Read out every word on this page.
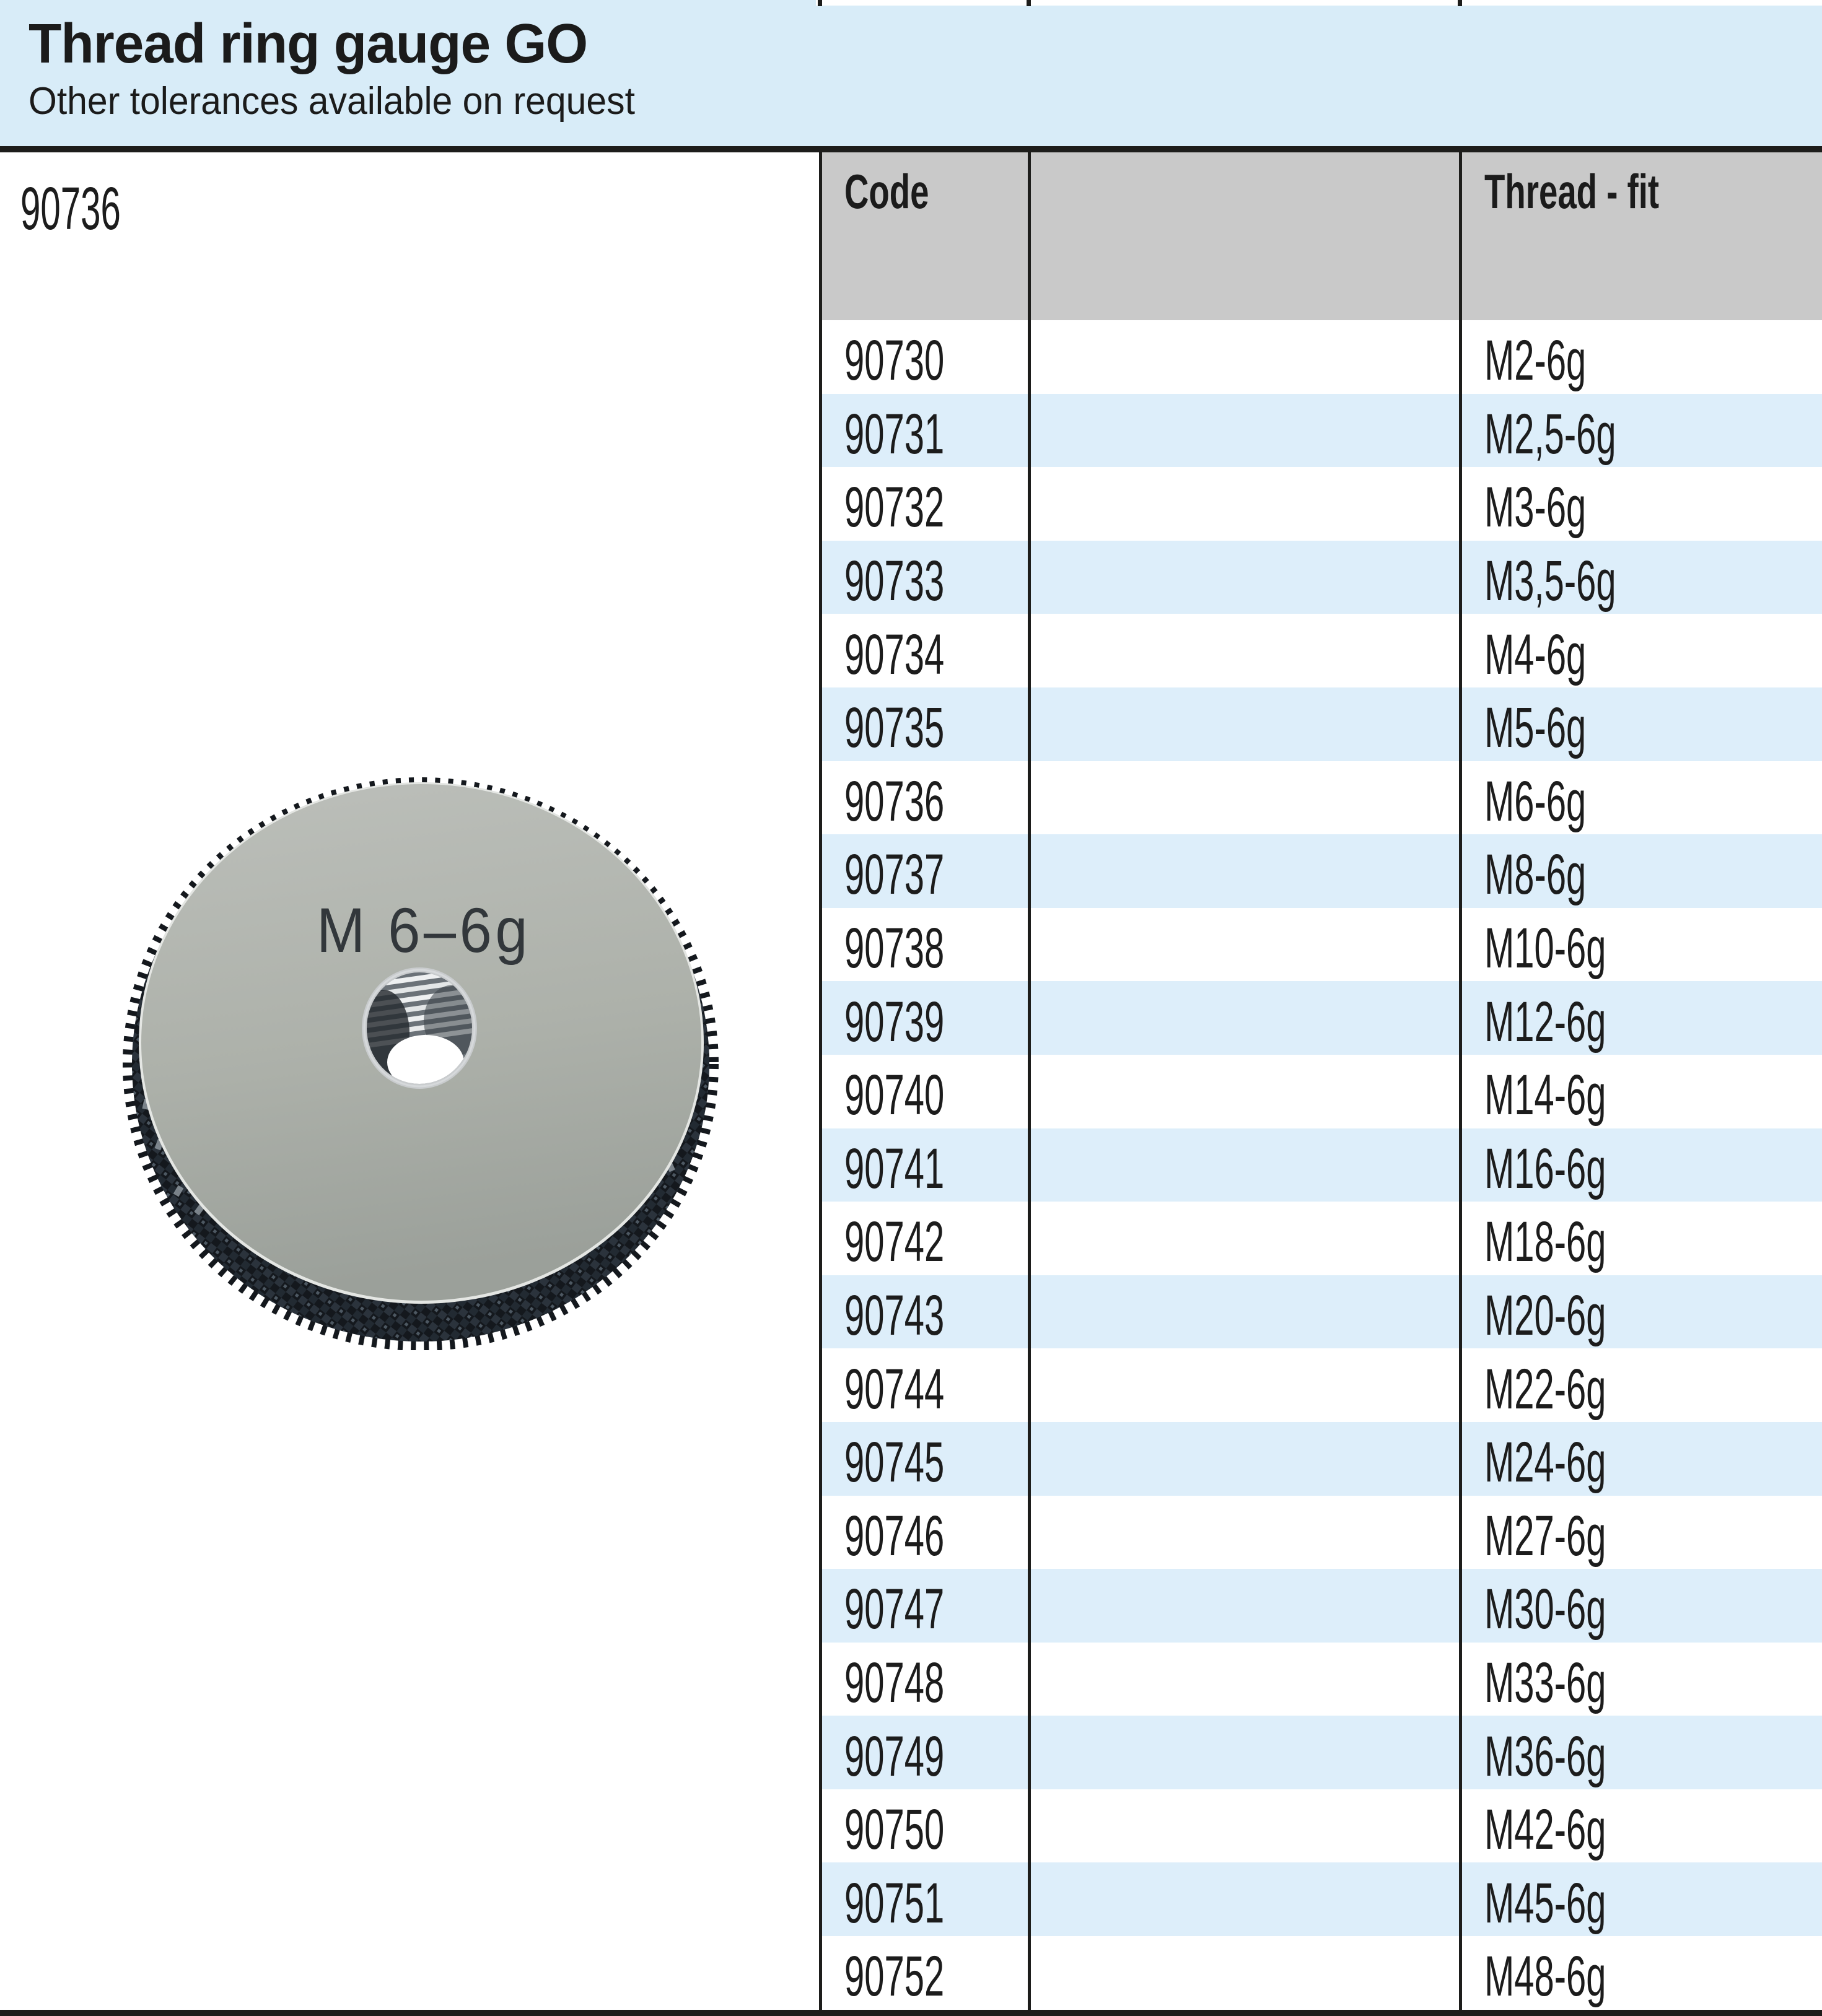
Thread ring gauge GO
Other tolerances available on request
90736
M 6–6g
Code	Thread - fit
90730	M2-6g
90731	M2,5-6g
90732	M3-6g
90733	M3,5-6g
90734	M4-6g
90735	M5-6g
90736	M6-6g
90737	M8-6g
90738	M10-6g
90739	M12-6g
90740	M14-6g
90741	M16-6g
90742	M18-6g
90743	M20-6g
90744	M22-6g
90745	M24-6g
90746	M27-6g
90747	M30-6g
90748	M33-6g
90749	M36-6g
90750	M42-6g
90751	M45-6g
90752	M48-6g
